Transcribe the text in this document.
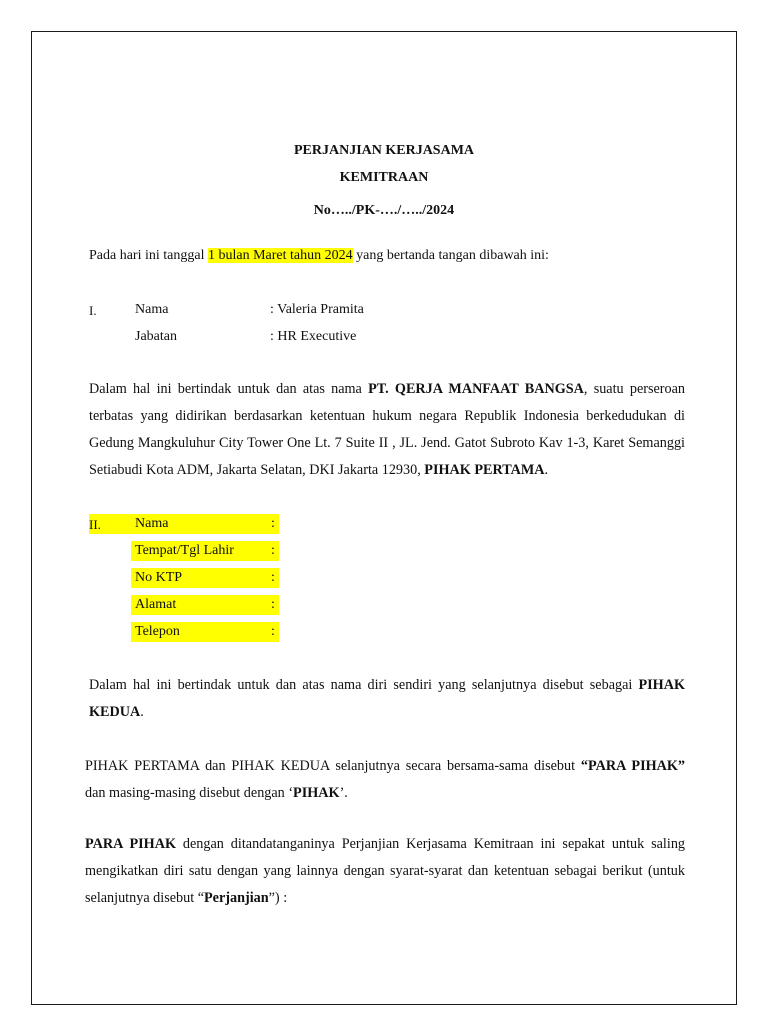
PERJANJIAN KERJASAMA
KEMITRAAN
No…../PK-…./…../2024
Pada hari ini tanggal 1 bulan Maret tahun 2024 yang bertanda tangan dibawah ini:
I.	Nama	: Valeria Pramita
Jabatan	: HR Executive
Dalam hal ini bertindak untuk dan atas nama PT. QERJA MANFAAT BANGSA, suatu perseroan terbatas yang didirikan berdasarkan ketentuan hukum negara Republik Indonesia berkedudukan di Gedung Mangkuluhur City Tower One Lt. 7 Suite II , JL. Jend. Gatot Subroto Kav 1-3, Karet Semanggi Setiabudi Kota ADM, Jakarta Selatan, DKI Jakarta 12930, PIHAK PERTAMA.
II. Nama	:
Tempat/Tgl Lahir	:
No KTP	:
Alamat	:
Telepon	:
Dalam hal ini bertindak untuk dan atas nama diri sendiri yang selanjutnya disebut sebagai PIHAK KEDUA.
PIHAK PERTAMA dan PIHAK KEDUA selanjutnya secara bersama-sama disebut “PARA PIHAK” dan masing-masing disebut dengan ‘PIHAK’.
PARA PIHAK dengan ditandatanganinya Perjanjian Kerjasama Kemitraan ini sepakat untuk saling mengikatkan diri satu dengan yang lainnya dengan syarat-syarat dan ketentuan sebagai berikut (untuk selanjutnya disebut “Perjanjian”) :
